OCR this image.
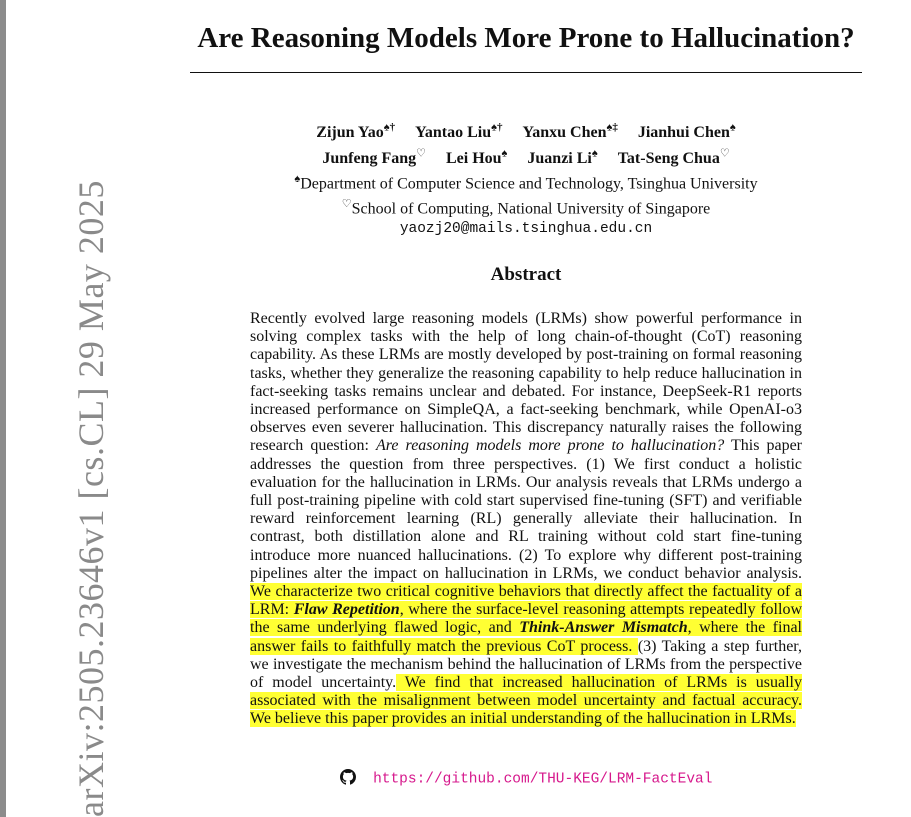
arXiv:2505.23646v1 [cs.CL] 29 May 2025
Are Reasoning Models More Prone to Hallucination?
Zijun Yao♠† Yantao Liu♠† Yanxu Chen♠‡ Jianhui Chen♠
Junfeng Fang♡ Lei Hou♠ Juanzi Li♠ Tat-Seng Chua♡
♠Department of Computer Science and Technology, Tsinghua University
♡School of Computing, National University of Singapore
yaozj20@mails.tsinghua.edu.cn
Abstract

Recently evolved large reasoning models (LRMs) show powerful performance in solving complex tasks with the help of long chain-of-thought (CoT) reasoning capability. As these LRMs are mostly developed by post-training on formal reasoning tasks, whether they generalize the reasoning capability to help reduce hallucination in fact-seeking tasks remains unclear and debated. For instance, DeepSeek-R1 reports increased performance on SimpleQA, a fact-seeking benchmark, while OpenAI-o3 observes even severer hallucination. This discrepancy naturally raises the following research question: Are reasoning models more prone to hallucination? This paper addresses the question from three perspectives. (1) We first conduct a holistic evaluation for the hallucination in LRMs. Our analysis reveals that LRMs undergo a full post-training pipeline with cold start supervised fine-tuning (SFT) and verifiable reward reinforcement learning (RL) generally alleviate their hallucination. In contrast, both distillation alone and RL training without cold start fine-tuning introduce more nuanced hallucinations. (2) To explore why different post-training pipelines alter the impact on hallucination in LRMs, we conduct behavior analysis. We characterize two critical cognitive behaviors that directly affect the factuality of a LRM: Flaw Repetition, where the surface-level reasoning attempts repeatedly follow the same underlying flawed logic, and Think-Answer Mismatch, where the final answer fails to faithfully match the previous CoT process. (3) Taking a step further, we investigate the mechanism behind the hallucination of LRMs from the perspective of model uncertainty. We find that increased hallucination of LRMs is usually associated with the misalignment between model uncertainty and factual accuracy. We believe this paper provides an initial understanding of the hallucination in LRMs.

https://github.com/THU-KEG/LRM-FactEval
